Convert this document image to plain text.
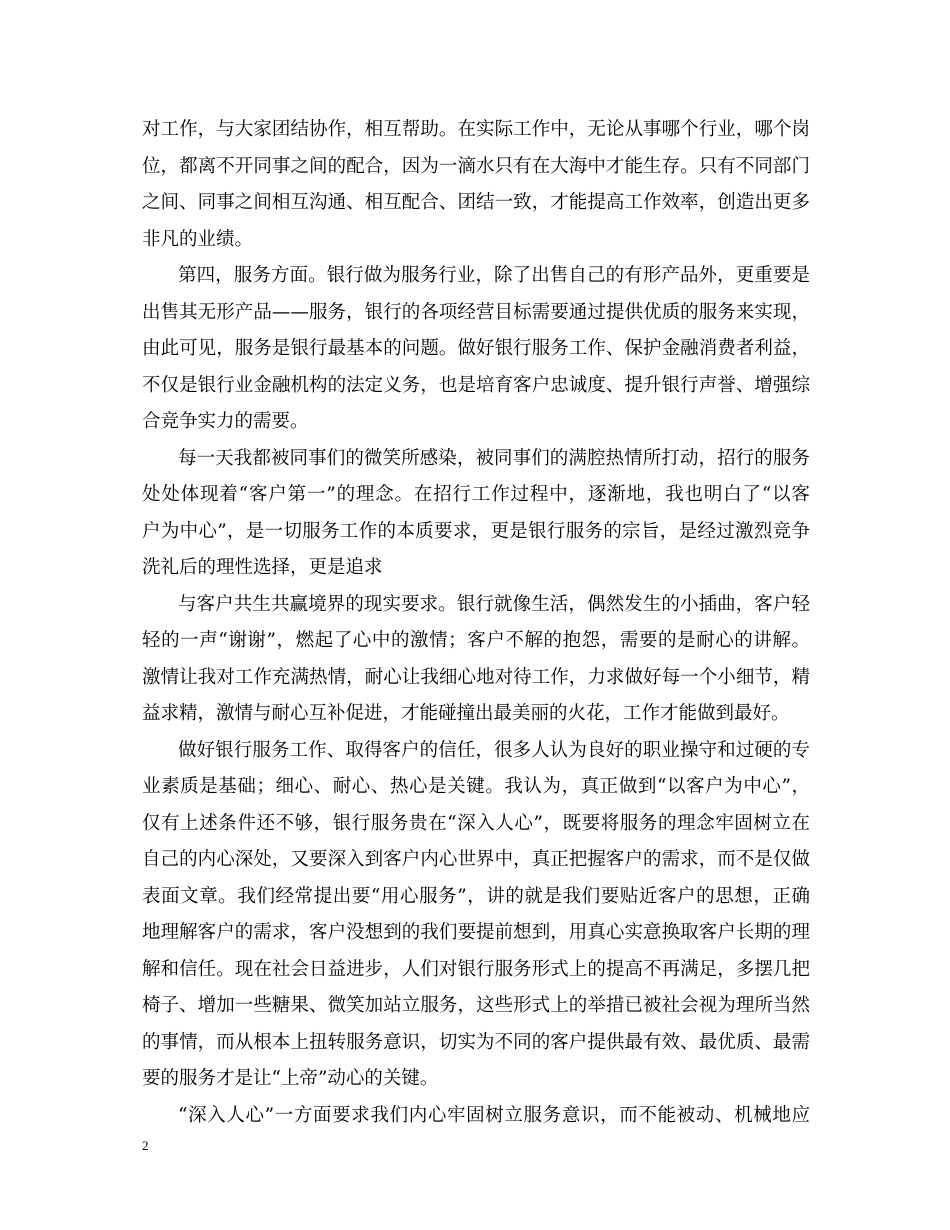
对工作，与大家团结协作，相互帮助。在实际工作中，无论从事哪个行业，哪个岗
位，都离不开同事之间的配合，因为一滴水只有在大海中才能生存。只有不同部门
之间、同事之间相互沟通、相互配合、团结一致，才能提高工作效率，创造出更多
非凡的业绩。
第四，服务方面。银行做为服务行业，除了出售自己的有形产品外，更重要是
出售其无形产品——服务，银行的各项经营目标需要通过提供优质的服务来实现，
由此可见，服务是银行最基本的问题。做好银行服务工作、保护金融消费者利益，
不仅是银行业金融机构的法定义务，也是培育客户忠诚度、提升银行声誉、增强综
合竞争实力的需要。
每一天我都被同事们的微笑所感染，被同事们的满腔热情所打动，招行的服务
处处体现着“客户第一”的理念。在招行工作过程中，逐渐地，我也明白了“以客
户为中心”，是一切服务工作的本质要求，更是银行服务的宗旨，是经过激烈竞争
洗礼后的理性选择，更是追求
与客户共生共赢境界的现实要求。银行就像生活，偶然发生的小插曲，客户轻
轻的一声“谢谢”，燃起了心中的激情；客户不解的抱怨，需要的是耐心的讲解。
激情让我对工作充满热情，耐心让我细心地对待工作，力求做好每一个小细节，精
益求精，激情与耐心互补促进，才能碰撞出最美丽的火花，工作才能做到最好。
做好银行服务工作、取得客户的信任，很多人认为良好的职业操守和过硬的专
业素质是基础；细心、耐心、热心是关键。我认为，真正做到“以客户为中心”，
仅有上述条件还不够，银行服务贵在“深入人心”，既要将服务的理念牢固树立在
自己的内心深处，又要深入到客户内心世界中，真正把握客户的需求，而不是仅做
表面文章。我们经常提出要“用心服务”，讲的就是我们要贴近客户的思想，正确
地理解客户的需求，客户没想到的我们要提前想到，用真心实意换取客户长期的理
解和信任。现在社会日益进步，人们对银行服务形式上的提高不再满足，多摆几把
椅子、增加一些糖果、微笑加站立服务，这些形式上的举措已被社会视为理所当然
的事情，而从根本上扭转服务意识，切实为不同的客户提供最有效、最优质、最需
要的服务才是让“上帝”动心的关键。
“深入人心”一方面要求我们内心牢固树立服务意识，而不能被动、机械地应
2
